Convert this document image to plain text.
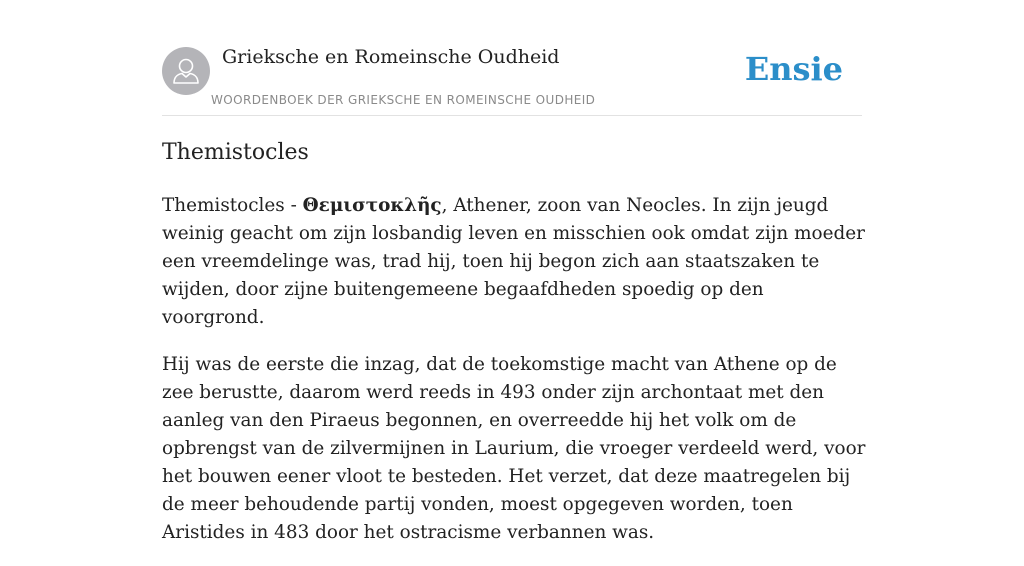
Grieksche en Romeinsche Oudheid
WOORDENBOEK DER GRIEKSCHE EN ROMEINSCHE OUDHEID
Ensie
Themistocles

Themistocles - Θεμιστοκλῆς, Athener, zoon van Neocles. In zijn jeugd weinig geacht om zijn losbandig leven en misschien ook omdat zijn moeder een vreemdelinge was, trad hij, toen hij begon zich aan staatszaken te wijden, door zijne buitengemeene begaafdheden spoedig op den voorgrond.

Hij was de eerste die inzag, dat de toekomstige macht van Athene op de zee berustte, daarom werd reeds in 493 onder zijn archontaat met den aanleg van den Piraeus begonnen, en overreedde hij het volk om de opbrengst van de zilvermijnen in Laurium, die vroeger verdeeld werd, voor het bouwen eener vloot te besteden. Het verzet, dat deze maatregelen bij de meer behoudende partij vonden, moest opgegeven worden, toen Aristides in 483 door het ostracisme verbannen was.
